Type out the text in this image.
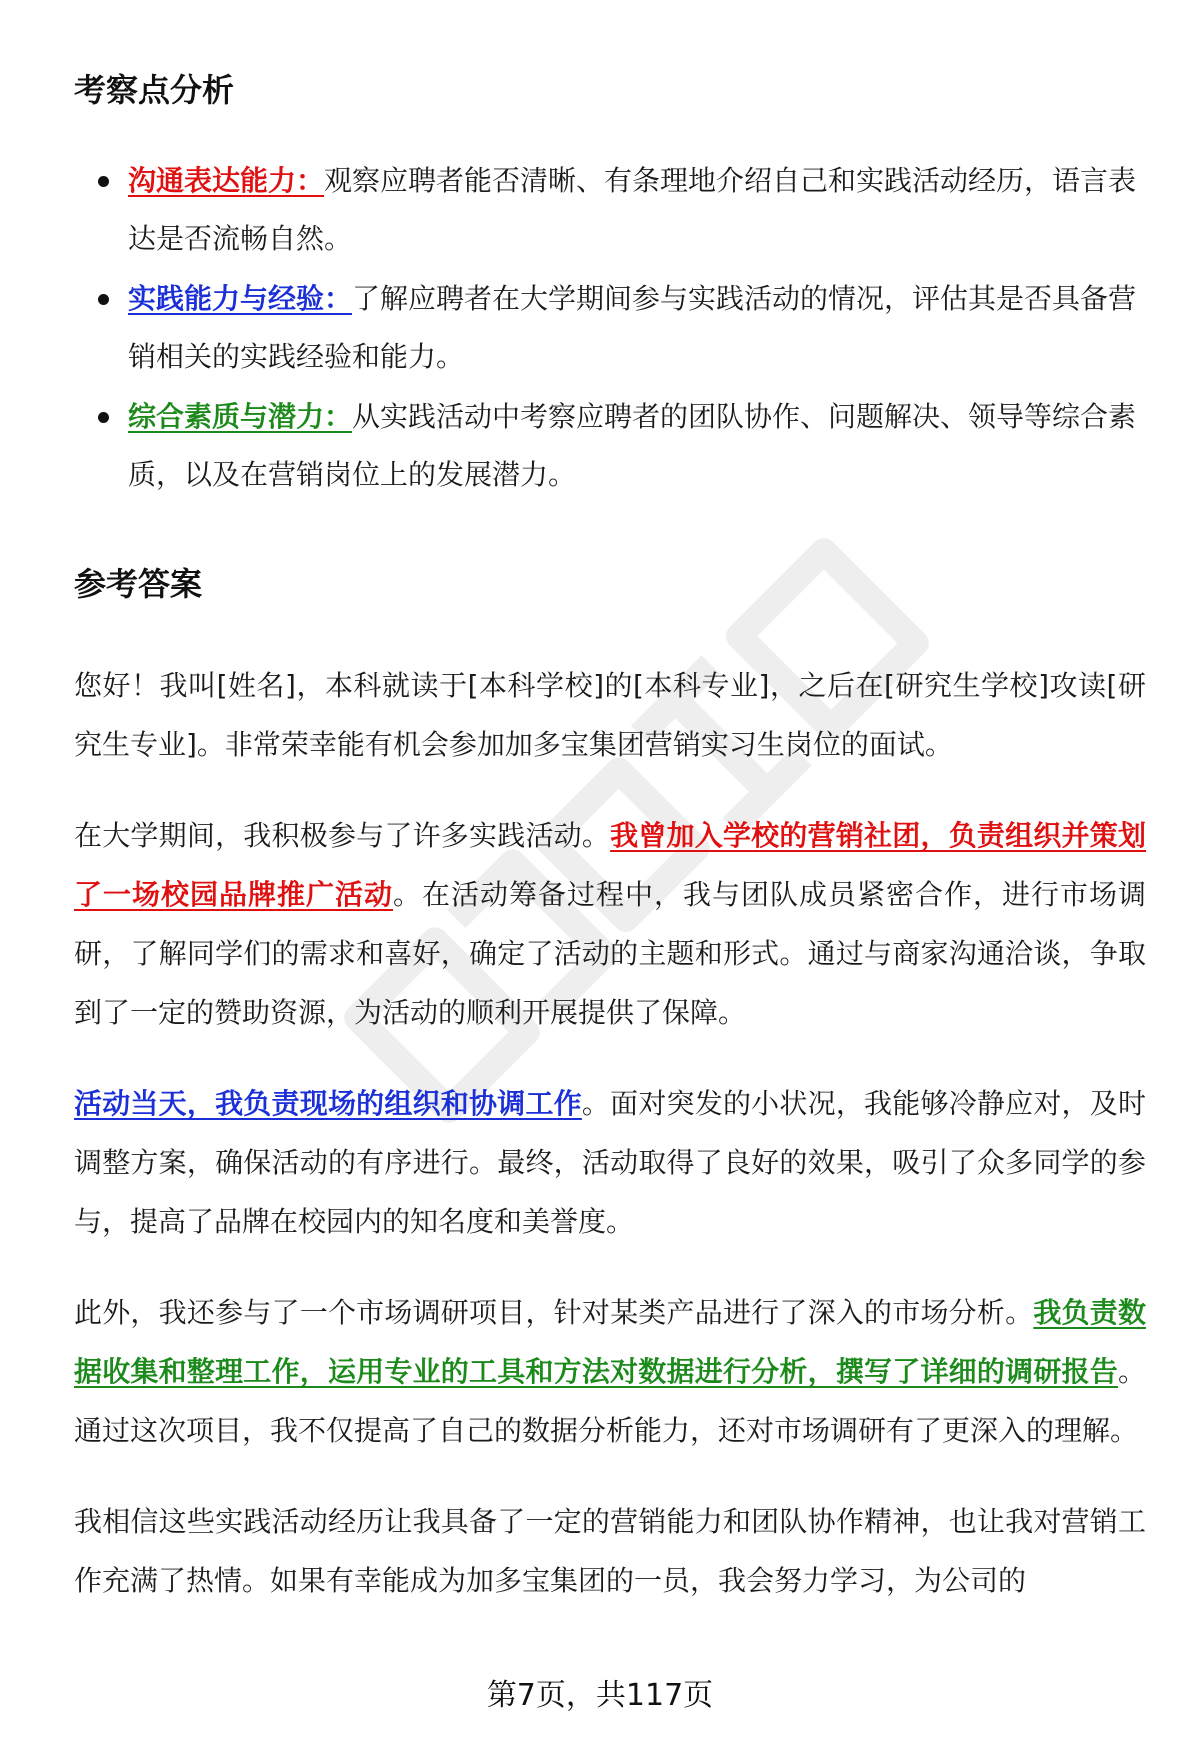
考察点分析
沟通表达能力：观察应聘者能否清晰、有条理地介绍自己和实践活动经历，语言表达是否流畅自然。
实践能力与经验：了解应聘者在大学期间参与实践活动的情况，评估其是否具备营销相关的实践经验和能力。
综合素质与潜力：从实践活动中考察应聘者的团队协作、问题解决、领导等综合素质，以及在营销岗位上的发展潜力。
参考答案

您好！我叫[姓名]，本科就读于[本科学校]的[本科专业]，之后在[研究生学校]攻读[研究生专业]。非常荣幸能有机会参加加多宝集团营销实习生岗位的面试。

在大学期间，我积极参与了许多实践活动。我曾加入学校的营销社团，负责组织并策划了一场校园品牌推广活动。在活动筹备过程中，我与团队成员紧密合作，进行市场调研，了解同学们的需求和喜好，确定了活动的主题和形式。通过与商家沟通洽谈，争取到了一定的赞助资源，为活动的顺利开展提供了保障。

活动当天，我负责现场的组织和协调工作。面对突发的小状况，我能够冷静应对，及时调整方案，确保活动的有序进行。最终，活动取得了良好的效果，吸引了众多同学的参与，提高了品牌在校园内的知名度和美誉度。

此外，我还参与了一个市场调研项目，针对某类产品进行了深入的市场分析。我负责数据收集和整理工作，运用专业的工具和方法对数据进行分析，撰写了详细的调研报告。通过这次项目，我不仅提高了自己的数据分析能力，还对市场调研有了更深入的理解。

我相信这些实践活动经历让我具备了一定的营销能力和团队协作精神，也让我对营销工作充满了热情。如果有幸能成为加多宝集团的一员，我会努力学习，为公司的

第7页，共117页
